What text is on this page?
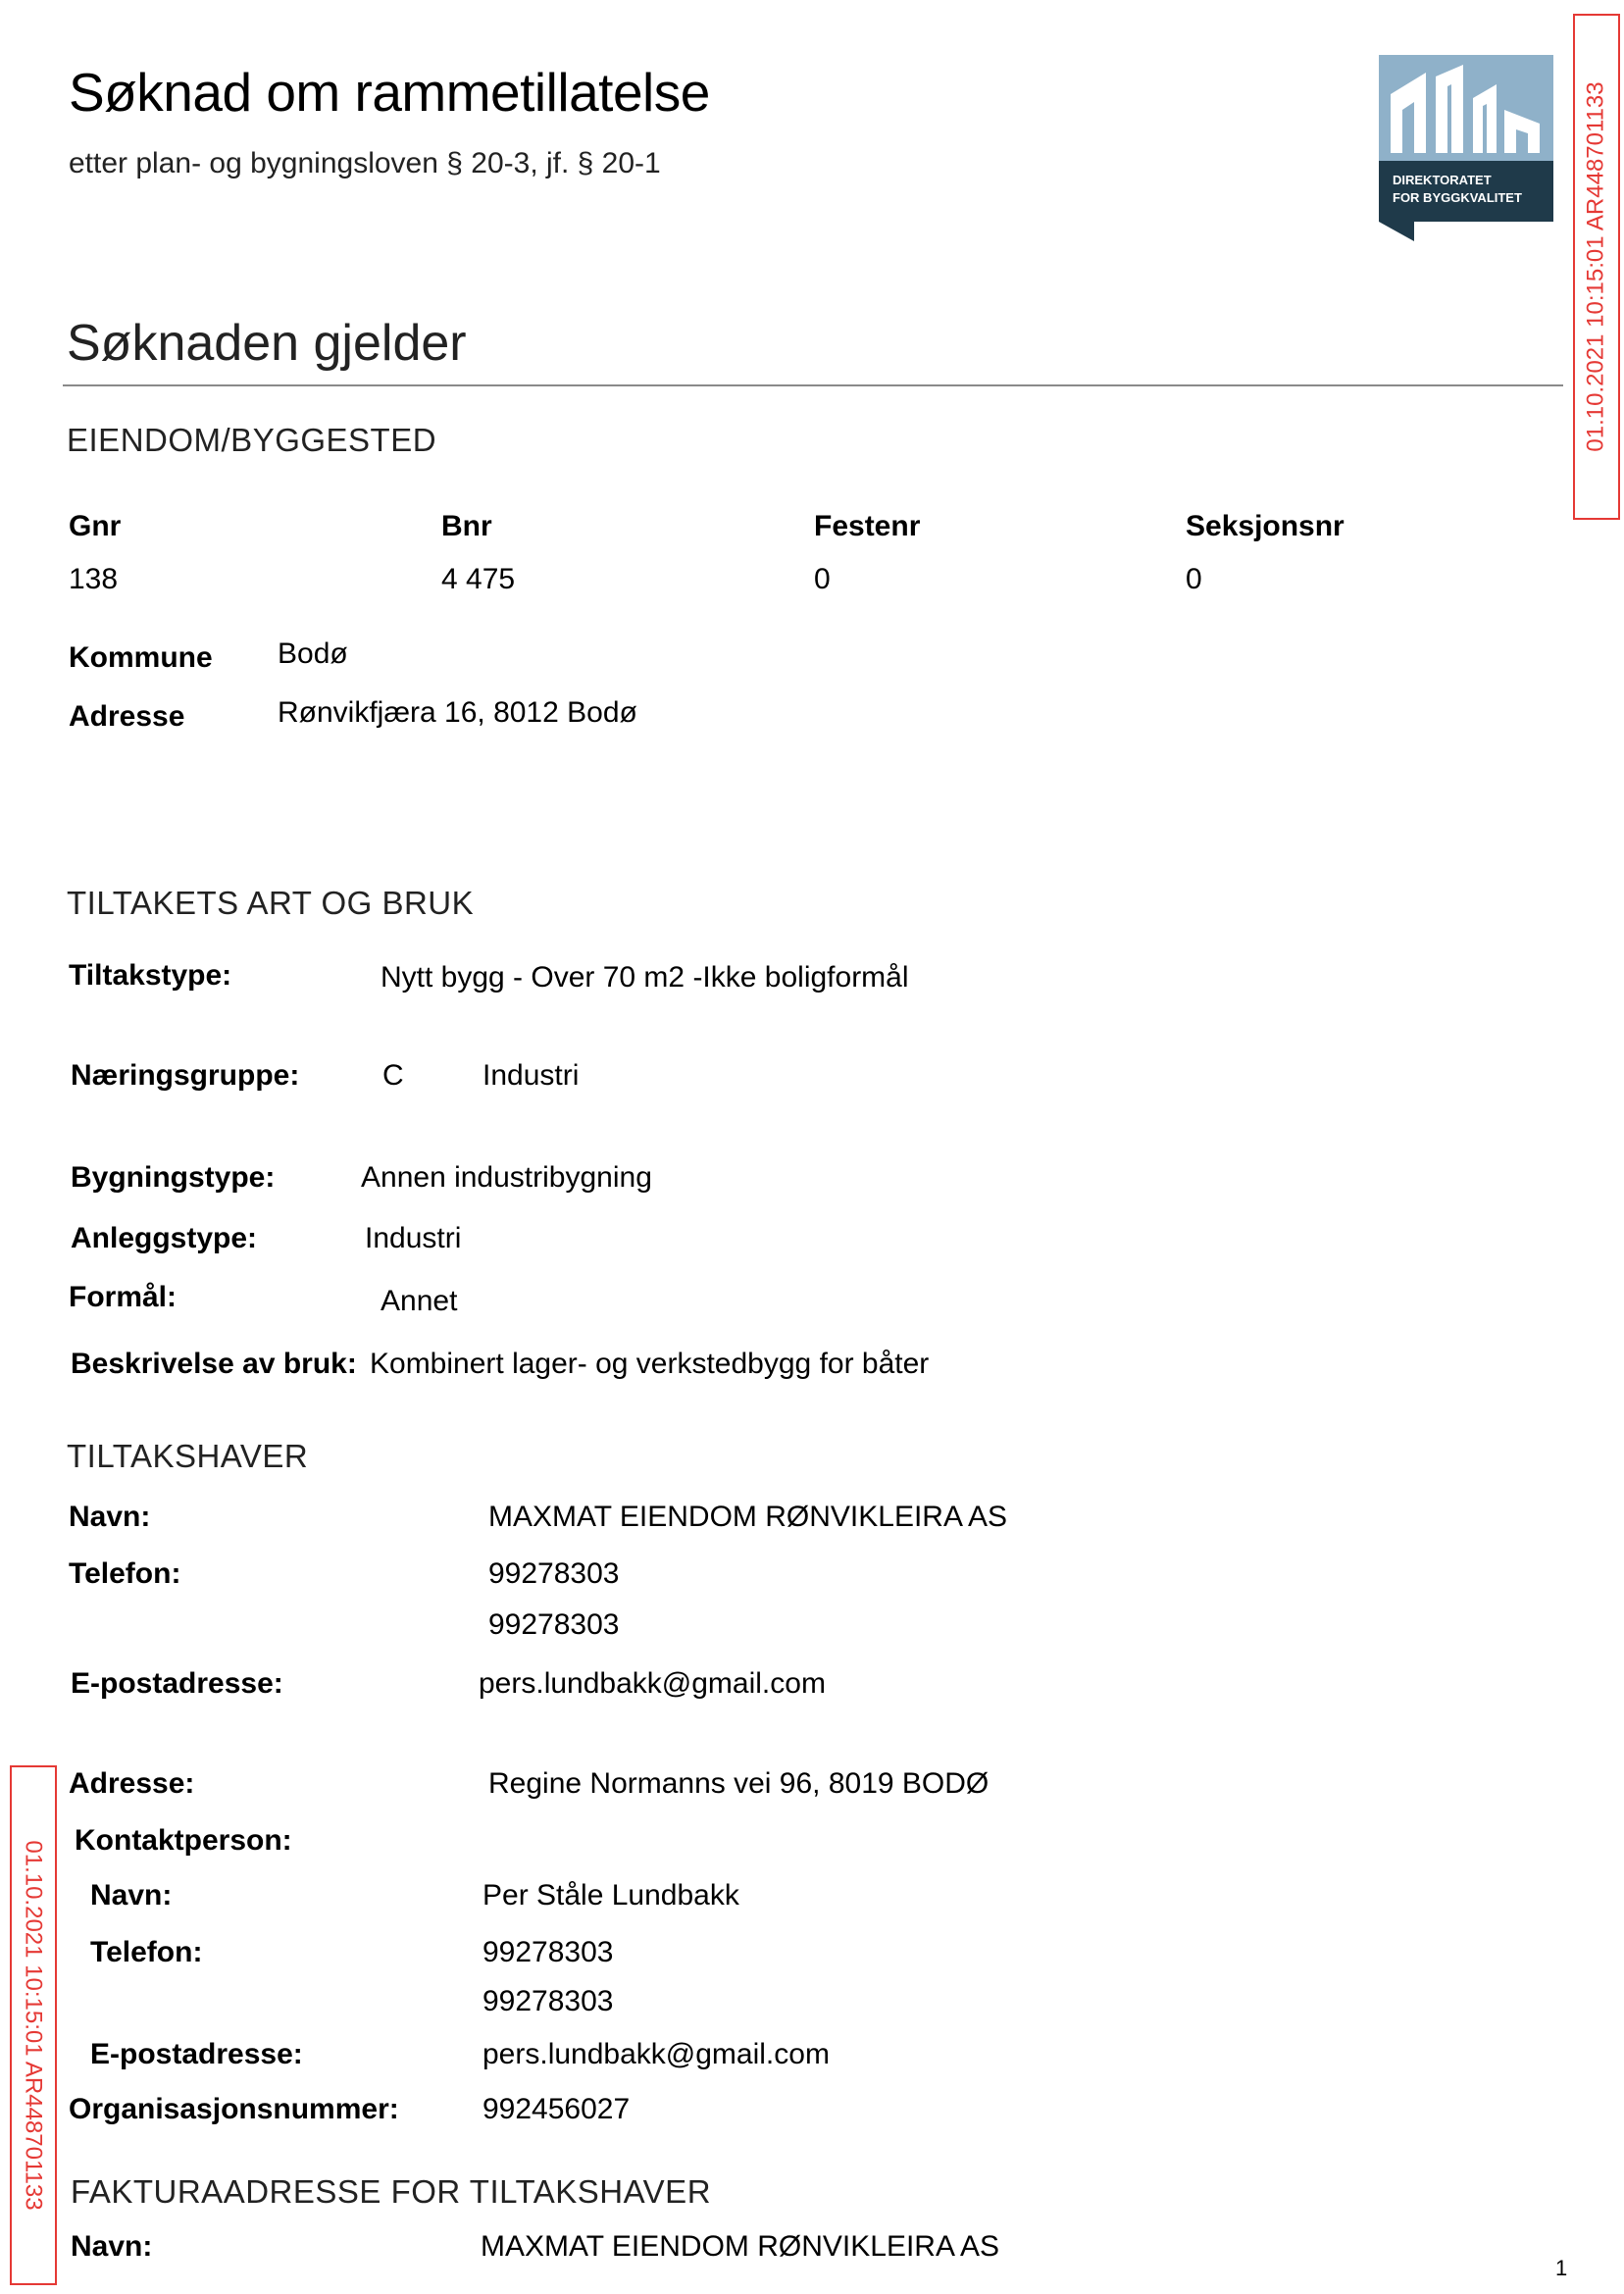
Søknad om rammetillatelse
etter plan- og bygningsloven § 20-3, jf. § 20-1
DIREKTORATET
FOR BYGGKVALITET	01.10.2021 10:15:01 AR448701133
01.10.2021 10:15:01 AR448701133
Søknaden gjelder
EIENDOM/BYGGESTED
Gnr	Bnr	Festenr	Seksjonsnr
138	4 475	0	0
Kommune Bodø
Adresse	Rønvikfjæra 16, 8012 Bodø
TILTAKETS ART OG BRUK
Tiltakstype:	Nytt bygg - Over 70 m2 -Ikke boligformål
Næringsgruppe:	C	Industri
Bygningstype:	Annen industribygning
Anleggstype:	Industri
Formål:	Annet
Beskrivelse av bruk: Kombinert lager- og verkstedbygg for båter
TILTAKSHAVER
Navn:	MAXMAT EIENDOM RØNVIKLEIRA AS
Telefon:	99278303
99278303
E-postadresse:	pers.lundbakk@gmail.com
Adresse:	Regine Normanns vei 96, 8019 BODØ
Kontaktperson:
Navn:	Per Ståle Lundbakk
Telefon:	99278303
99278303
E-postadresse:	pers.lundbakk@gmail.com
Organisasjonsnummer:	992456027
FAKTURAADRESSE FOR TILTAKSHAVER
Navn:	MAXMAT EIENDOM RØNVIKLEIRA AS
1
